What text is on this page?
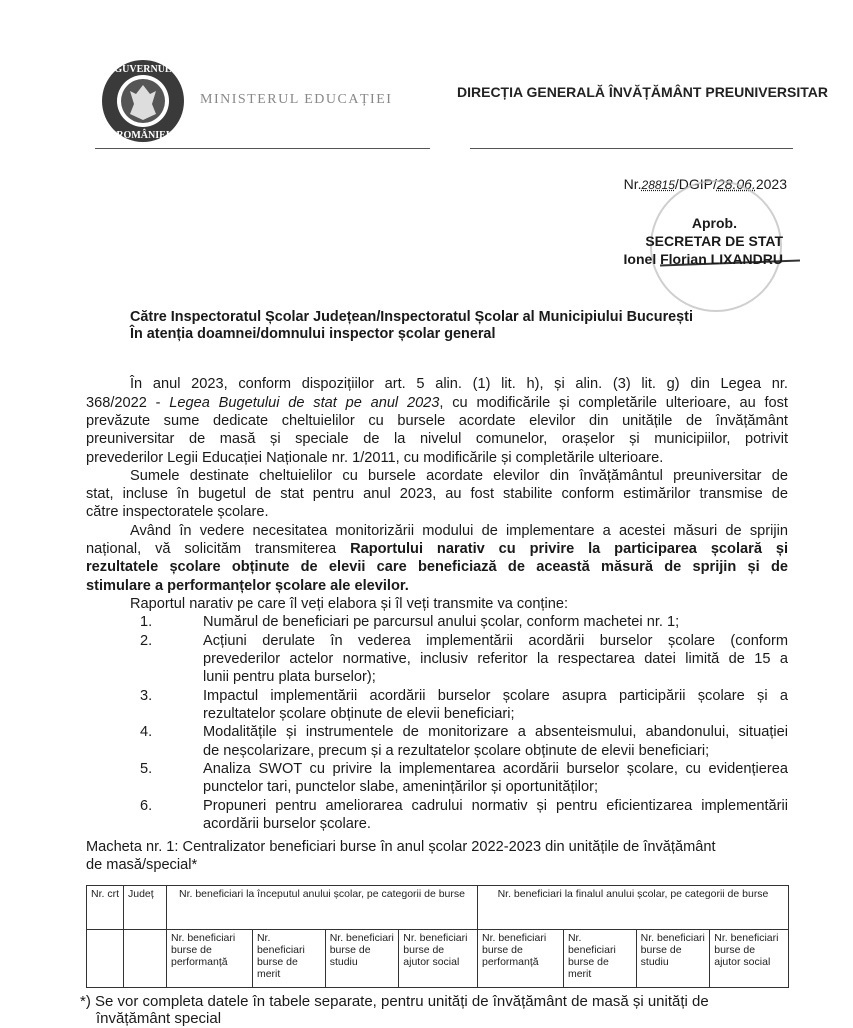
GUVERNUL
ROMÂNIEI
MINISTERUL EDUCAȚIEI	DIRECȚIA GENERALĂ ÎNVĂȚĂMÂNT PREUNIVERSITAR
Nr.28815/DGIP/28.06.2023
Aprob.
SECRETAR DE STAT
Ionel Florian LIXANDRU
Către Inspectoratul Școlar Județean/Inspectoratul Școlar al Municipiului București
În atenția doamnei/domnului inspector școlar general
În anul 2023, conform dispozițiilor art. 5 alin. (1) lit. h), și alin. (3) lit. g) din Legea nr.
368/2022 - Legea Bugetului de stat pe anul 2023, cu modificările și completările ulterioare, au fost
prevăzute sume dedicate cheltuielilor cu bursele acordate elevilor din unitățile de învățământ
preuniversitar de masă și speciale de la nivelul comunelor, orașelor și municipiilor, potrivit
prevederilor Legii Educației Naționale nr. 1/2011, cu modificările și completările ulterioare.
Sumele destinate cheltuielilor cu bursele acordate elevilor din învățământul preuniversitar de
stat, incluse în bugetul de stat pentru anul 2023, au fost stabilite conform estimărilor transmise de
către inspectoratele școlare.
Având în vedere necesitatea monitorizării modului de implementare a acestei măsuri de sprijin
național, vă solicităm transmiterea Raportului narativ cu privire la participarea școlară și
rezultatele școlare obținute de elevii care beneficiază de această măsură de sprijin și de
stimulare a performanțelor școlare ale elevilor.
Raportul narativ pe care îl veți elabora și îl veți transmite va conține:
1.	Numărul de beneficiari pe parcursul anului școlar, conform machetei nr. 1;
2.	Acțiuni derulate în vederea implementării acordării burselor școlare (conform
prevederilor actelor normative, inclusiv referitor la respectarea datei limită de 15 a
lunii pentru plata burselor);
3.	Impactul implementării acordării burselor școlare asupra participării școlare și a
rezultatelor școlare obținute de elevii beneficiari;
4.	Modalitățile și instrumentele de monitorizare a absenteismului, abandonului, situației
de neșcolarizare, precum și a rezultatelor școlare obținute de elevii beneficiari;
5.	Analiza SWOT cu privire la implementarea acordării burselor școlare, cu evidențierea
punctelor tari, punctelor slabe, amenințărilor și oportunităților;
6.	Propuneri pentru ameliorarea cadrului normativ și pentru eficientizarea implementării
acordării burselor școlare.
Macheta nr. 1: Centralizator beneficiari burse în anul școlar 2022-2023 din unitățile de învățământ
de masă/special*
Nr. crt	Județ	Nr. beneficiari la începutul anului școlar, pe categorii de burse				Nr. beneficiari la finalul anului școlar, pe categorii de burse			
		Nr. beneficiari burse de performanță	Nr. beneficiari burse de merit	Nr. beneficiari burse de studiu	Nr. beneficiari burse de ajutor social	Nr. beneficiari burse de performanță	Nr. beneficiari burse de merit	Nr. beneficiari burse de studiu	Nr. beneficiari burse de ajutor social
*) Se vor completa datele în tabele separate, pentru unități de învățământ de masă și unități de
învățământ special
